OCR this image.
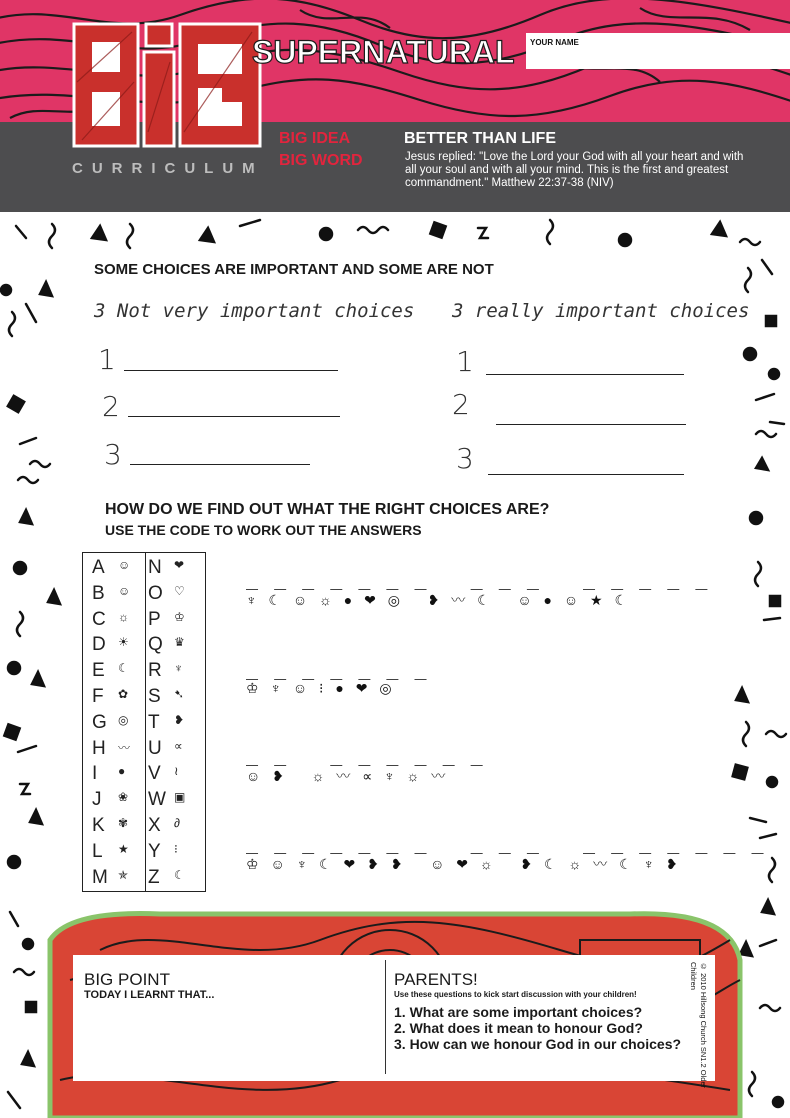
CURRICULUM
SUPERNATURAL YOUR NAME
BIG IDEA
BIG WORD
BETTER THAN LIFE
Jesus replied: "Love the Lord your God with all your heart and with all your soul and with all your mind. This is the first and greatest commandment." Matthew 22:37-38 (NIV)
SOME CHOICES ARE IMPORTANT AND SOME ARE NOT
3 Not very important choices 3 really important choices
1
2
3
1
2
3
HOW DO WE FIND OUT WHAT THE RIGHT CHOICES ARE?
USE THE CODE TO WORK OUT THE ANSWERS
A ☺ N ❤
B ☺ O ♡
C ☼ P ♔
D ☀ Q ♛
E ☾ R ♆
F ✿ S ➷
G ◎ T ❥
H 〰 U ∝
I ● V ≀
J ❀ W ▣
K ✾ X ∂
L ★ Y ⁝
M ✯ Z ☾
_ _ _ _ _ _ _   _ _ _   _ _ _ _ _
♆ ☾ ☺ ☼ ● ❤ ◎   ❥ 〰 ☾   ☺ ● ☺ ★ ☾
_ _ _ _ _ _ _
♔ ♆ ☺ ⁝ ● ❤ ◎
_ _   _ _ _ _ _ _
☺ ❥   ☼ 〰 ∝ ♆ ☼ 〰
_ _ _ _ _ _ _   _ _ _   _ _ _ _ _ _ _
♔ ☺ ♆ ☾ ❤ ❥ ❥   ☺ ❤ ☼   ❥ ☾ ☼ 〰 ☾ ♆ ❥
BIG POINT
TODAY I LEARNT THAT...
PARENTS!
Use these questions to kick start discussion with your children!
1. What are some important choices?
2. What does it mean to honour God?
3. How can we honour God in our choices?	© 2010 Hillsong Church SN1.2 Older Children
